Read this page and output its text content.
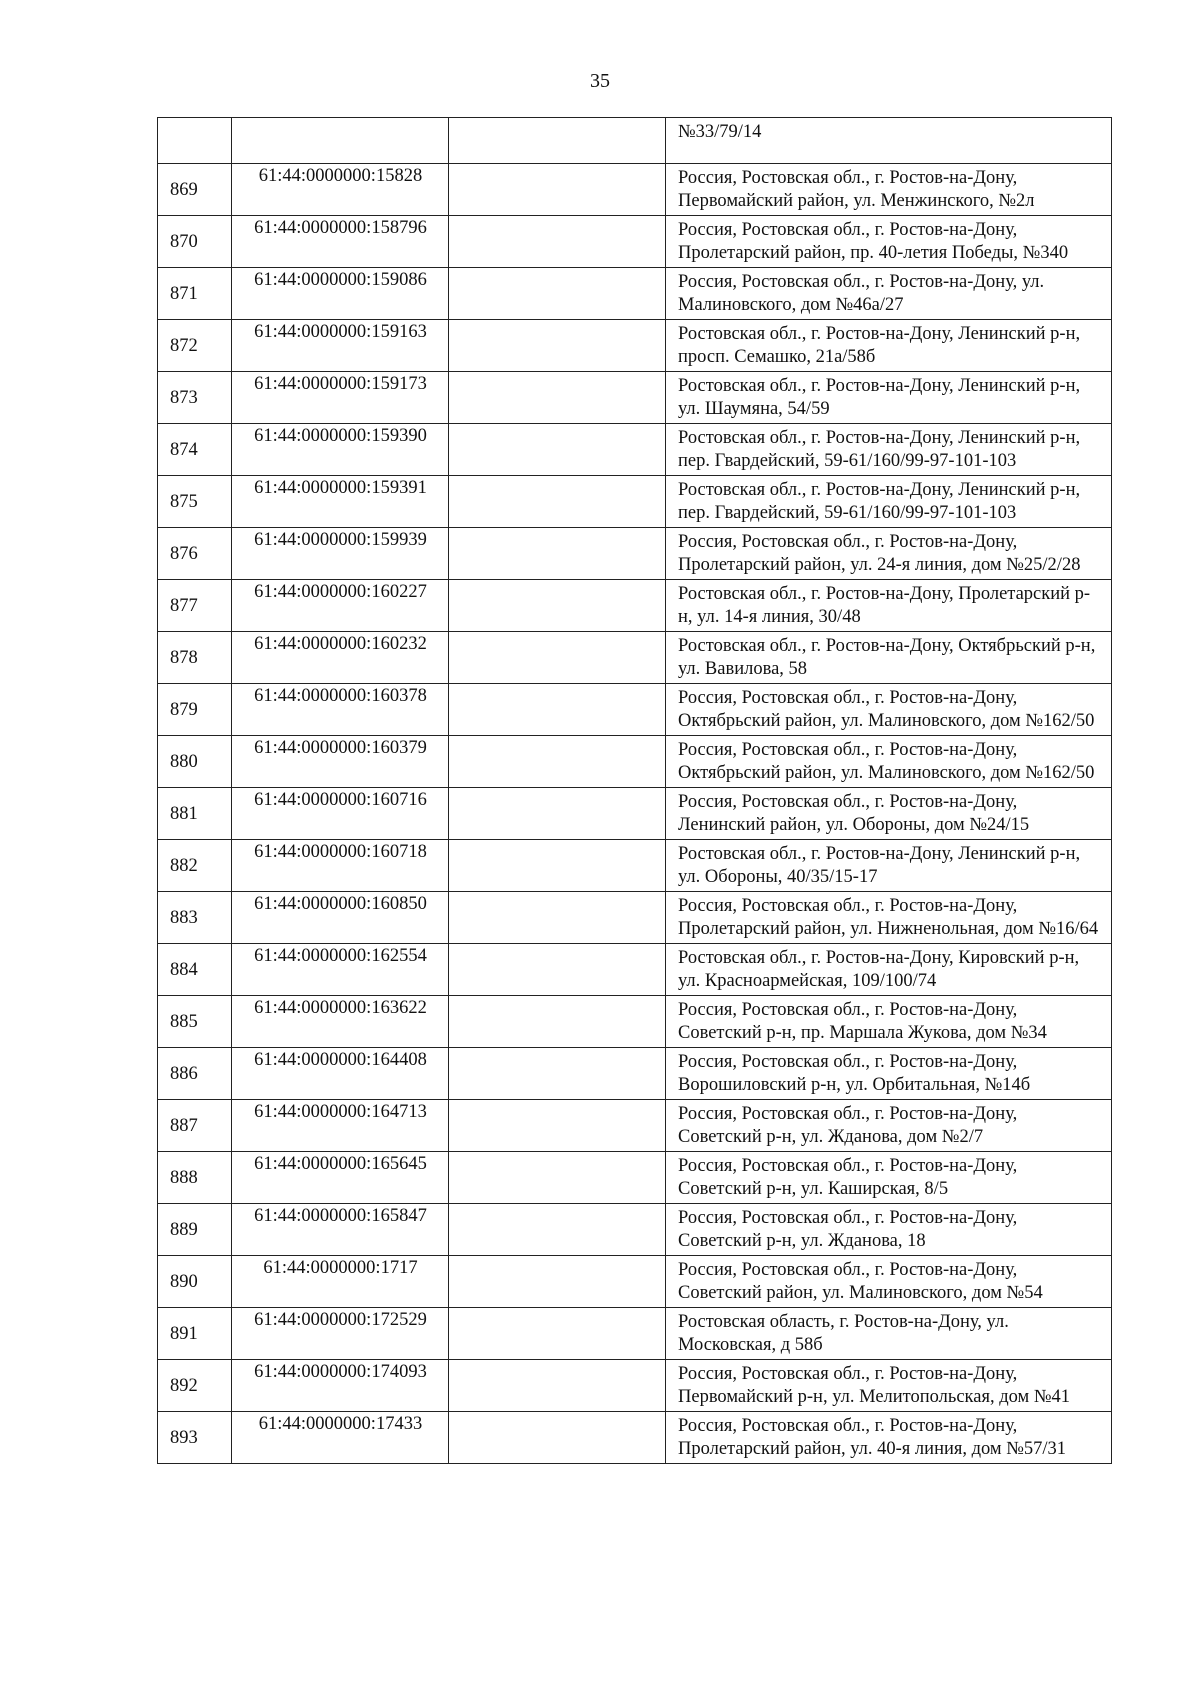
35
			№33/79/14
869	61:44:0000000:15828		Россия, Ростовская обл., г. Ростов-на-Дону, Первомайский район, ул. Менжинского, №2л
870	61:44:0000000:158796		Россия, Ростовская обл., г. Ростов-на-Дону, Пролетарский район, пр. 40-летия Победы, №340
871	61:44:0000000:159086		Россия, Ростовская обл., г. Ростов-на-Дону, ул. Малиновского, дом №46а/27
872	61:44:0000000:159163		Ростовская обл., г. Ростов-на-Дону, Ленинский р-н, просп. Семашко, 21а/58б
873	61:44:0000000:159173		Ростовская обл., г. Ростов-на-Дону, Ленинский р-н, ул. Шаумяна, 54/59
874	61:44:0000000:159390		Ростовская обл., г. Ростов-на-Дону, Ленинский р-н, пер. Гвардейский, 59-61/160/99-97-101-103
875	61:44:0000000:159391		Ростовская обл., г. Ростов-на-Дону, Ленинский р-н, пер. Гвардейский, 59-61/160/99-97-101-103
876	61:44:0000000:159939		Россия, Ростовская обл., г. Ростов-на-Дону, Пролетарский район, ул. 24-я линия, дом №25/2/28
877	61:44:0000000:160227		Ростовская обл., г. Ростов-на-Дону, Пролетарский р-н, ул. 14-я линия, 30/48
878	61:44:0000000:160232		Ростовская обл., г. Ростов-на-Дону, Октябрьский р-н, ул. Вавилова, 58
879	61:44:0000000:160378		Россия, Ростовская обл., г. Ростов-на-Дону, Октябрьский район, ул. Малиновского, дом №162/50
880	61:44:0000000:160379		Россия, Ростовская обл., г. Ростов-на-Дону, Октябрьский район, ул. Малиновского, дом №162/50
881	61:44:0000000:160716		Россия, Ростовская обл., г. Ростов-на-Дону, Ленинский район, ул. Обороны, дом №24/15
882	61:44:0000000:160718		Ростовская обл., г. Ростов-на-Дону, Ленинский р-н, ул. Обороны, 40/35/15-17
883	61:44:0000000:160850		Россия, Ростовская обл., г. Ростов-на-Дону, Пролетарский район, ул. Нижненольная, дом №16/64
884	61:44:0000000:162554		Ростовская обл., г. Ростов-на-Дону, Кировский р-н, ул. Красноармейская, 109/100/74
885	61:44:0000000:163622		Россия, Ростовская обл., г. Ростов-на-Дону, Советский р-н, пр. Маршала Жукова, дом №34
886	61:44:0000000:164408		Россия, Ростовская обл., г. Ростов-на-Дону, Ворошиловский р-н, ул. Орбитальная, №14б
887	61:44:0000000:164713		Россия, Ростовская обл., г. Ростов-на-Дону, Советский р-н, ул. Жданова, дом №2/7
888	61:44:0000000:165645		Россия, Ростовская обл., г. Ростов-на-Дону, Советский р-н, ул. Каширская, 8/5
889	61:44:0000000:165847		Россия, Ростовская обл., г. Ростов-на-Дону, Советский р-н, ул. Жданова, 18
890	61:44:0000000:1717		Россия, Ростовская обл., г. Ростов-на-Дону, Советский район, ул. Малиновского, дом №54
891	61:44:0000000:172529		Ростовская область, г. Ростов-на-Дону, ул. Московская, д 58б
892	61:44:0000000:174093		Россия, Ростовская обл., г. Ростов-на-Дону, Первомайский р-н, ул. Мелитопольская, дом №41
893	61:44:0000000:17433		Россия, Ростовская обл., г. Ростов-на-Дону, Пролетарский район, ул. 40-я линия, дом №57/31
